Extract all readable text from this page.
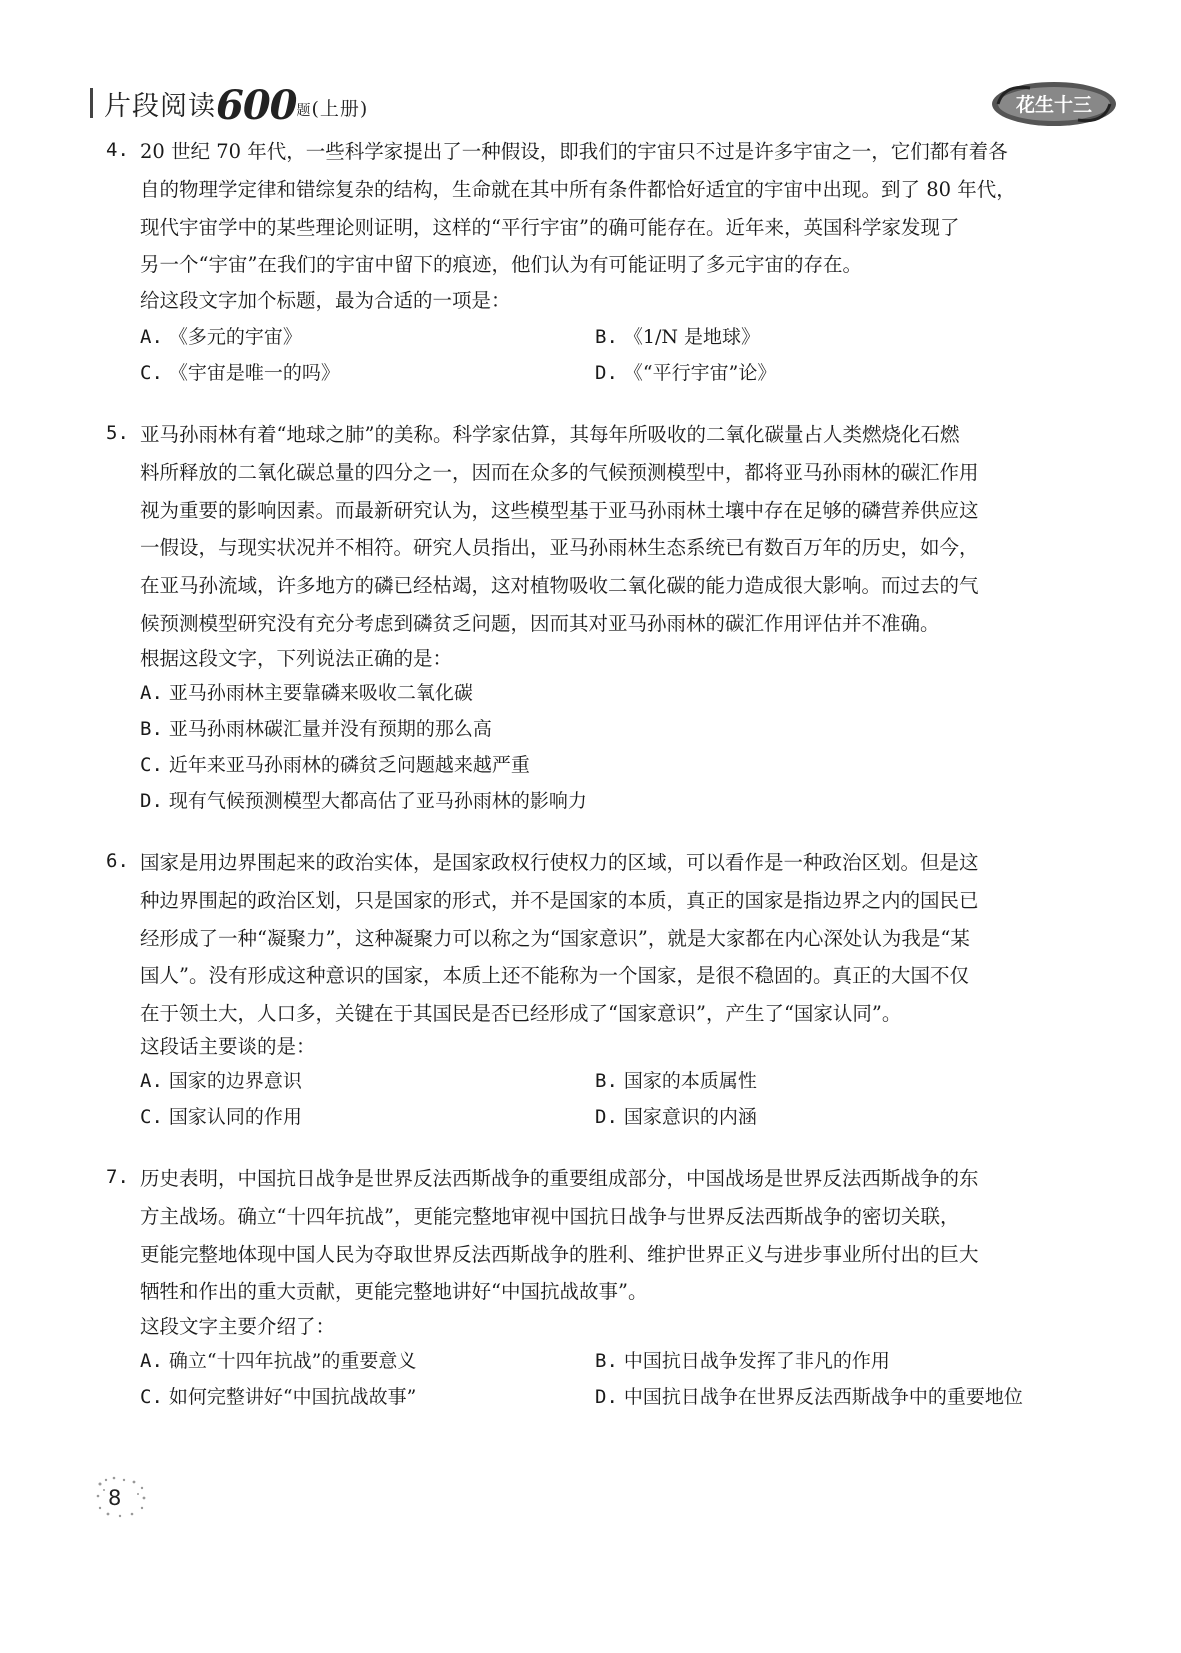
片段阅读600题(上册)	花生十三
4. 20 世纪 70 年代，一些科学家提出了一种假设，即我们的宇宙只不过是许多宇宙之一，它们都有着各
自的物理学定律和错综复杂的结构，生命就在其中所有条件都恰好适宜的宇宙中出现。到了 80 年代，
现代宇宙学中的某些理论则证明，这样的“平行宇宙”的确可能存在。近年来，英国科学家发现了
另一个“宇宙”在我们的宇宙中留下的痕迹，他们认为有可能证明了多元宇宙的存在。
给这段文字加个标题，最为合适的一项是：
A. 《多元的宇宙》	B. 《1/N 是地球》
C. 《宇宙是唯一的吗》	D. 《“平行宇宙”论》
5. 亚马孙雨林有着“地球之肺”的美称。科学家估算，其每年所吸收的二氧化碳量占人类燃烧化石燃
料所释放的二氧化碳总量的四分之一，因而在众多的气候预测模型中，都将亚马孙雨林的碳汇作用
视为重要的影响因素。而最新研究认为，这些模型基于亚马孙雨林土壤中存在足够的磷营养供应这
一假设，与现实状况并不相符。研究人员指出，亚马孙雨林生态系统已有数百万年的历史，如今，
在亚马孙流域，许多地方的磷已经枯竭，这对植物吸收二氧化碳的能力造成很大影响。而过去的气
候预测模型研究没有充分考虑到磷贫乏问题，因而其对亚马孙雨林的碳汇作用评估并不准确。
根据这段文字，下列说法正确的是：
A. 亚马孙雨林主要靠磷来吸收二氧化碳
B. 亚马孙雨林碳汇量并没有预期的那么高
C. 近年来亚马孙雨林的磷贫乏问题越来越严重
D. 现有气候预测模型大都高估了亚马孙雨林的影响力
6. 国家是用边界围起来的政治实体，是国家政权行使权力的区域，可以看作是一种政治区划。但是这
种边界围起的政治区划，只是国家的形式，并不是国家的本质，真正的国家是指边界之内的国民已
经形成了一种“凝聚力”，这种凝聚力可以称之为“国家意识”，就是大家都在内心深处认为我是“某
国人”。没有形成这种意识的国家，本质上还不能称为一个国家，是很不稳固的。真正的大国不仅
在于领土大，人口多，关键在于其国民是否已经形成了“国家意识”，产生了“国家认同”。
这段话主要谈的是：
A. 国家的边界意识	B. 国家的本质属性
C. 国家认同的作用	D. 国家意识的内涵
7. 历史表明，中国抗日战争是世界反法西斯战争的重要组成部分，中国战场是世界反法西斯战争的东
方主战场。确立“十四年抗战”，更能完整地审视中国抗日战争与世界反法西斯战争的密切关联，
更能完整地体现中国人民为夺取世界反法西斯战争的胜利、维护世界正义与进步事业所付出的巨大
牺牲和作出的重大贡献，更能完整地讲好“中国抗战故事”。
这段文字主要介绍了：
A. 确立“十四年抗战”的重要意义	B. 中国抗日战争发挥了非凡的作用
C. 如何完整讲好“中国抗战故事”	D. 中国抗日战争在世界反法西斯战争中的重要地位
8
